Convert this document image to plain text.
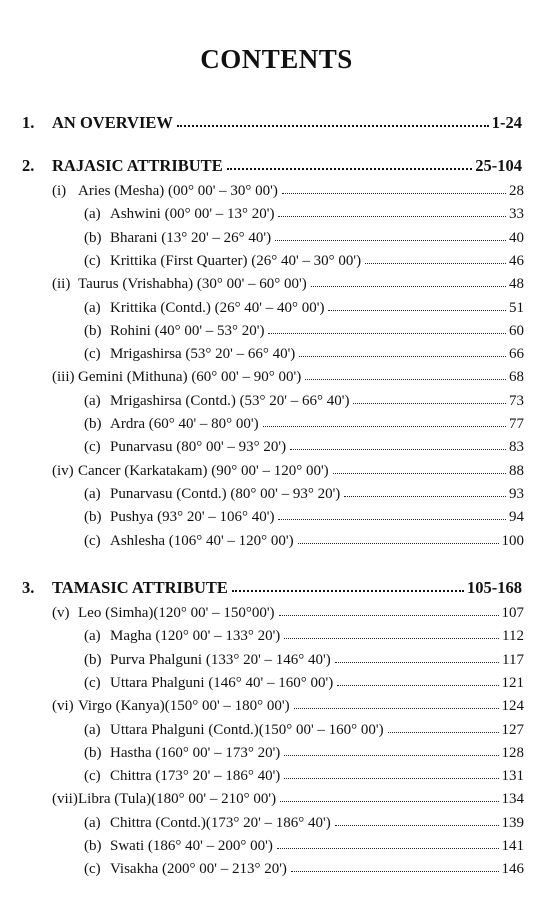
CONTENTS
1.	AN OVERVIEW	1-24
2.	RAJASIC ATTRIBUTE	25-104
(i) Aries (Mesha) (00° 00' – 30° 00')	28
(a) Ashwini (00° 00' – 13° 20')	33
(b) Bharani (13° 20' – 26° 40')	40
(c) Krittika (First Quarter) (26° 40' – 30° 00')	46
(ii) Taurus (Vrishabha) (30° 00' – 60° 00')	48
(a) Krittika (Contd.) (26° 40' – 40° 00')	51
(b) Rohini (40° 00' – 53° 20')	60
(c) Mrigashirsa (53° 20' – 66° 40')	66
(iii) Gemini (Mithuna) (60° 00' – 90° 00')	68
(a) Mrigashirsa (Contd.) (53° 20' – 66° 40')	73
(b) Ardra (60° 40' – 80° 00')	77
(c) Punarvasu (80° 00' – 93° 20')	83
(iv) Cancer (Karkatakam) (90° 00' – 120° 00')	88
(a) Punarvasu (Contd.) (80° 00' – 93° 20')	93
(b) Pushya (93° 20' – 106° 40')	94
(c) Ashlesha (106° 40' – 120° 00')	100
3.	TAMASIC ATTRIBUTE	105-168
(v) Leo (Simha)(120° 00' – 150°00')	107
(a) Magha (120° 00' – 133° 20')	112
(b) Purva Phalguni (133° 20' – 146° 40')	117
(c) Uttara Phalguni (146° 40' – 160° 00')	121
(vi) Virgo (Kanya)(150° 00' – 180° 00')	124
(a) Uttara Phalguni (Contd.)(150° 00' – 160° 00')	127
(b) Hastha (160° 00' – 173° 20')	128
(c) Chittra (173° 20' – 186° 40')	131
(vii) Libra (Tula)(180° 00' – 210° 00')	134
(a) Chittra (Contd.)(173° 20' – 186° 40')	139
(b) Swati (186° 40' – 200° 00')	141
(c) Visakha (200° 00' – 213° 20')	146
